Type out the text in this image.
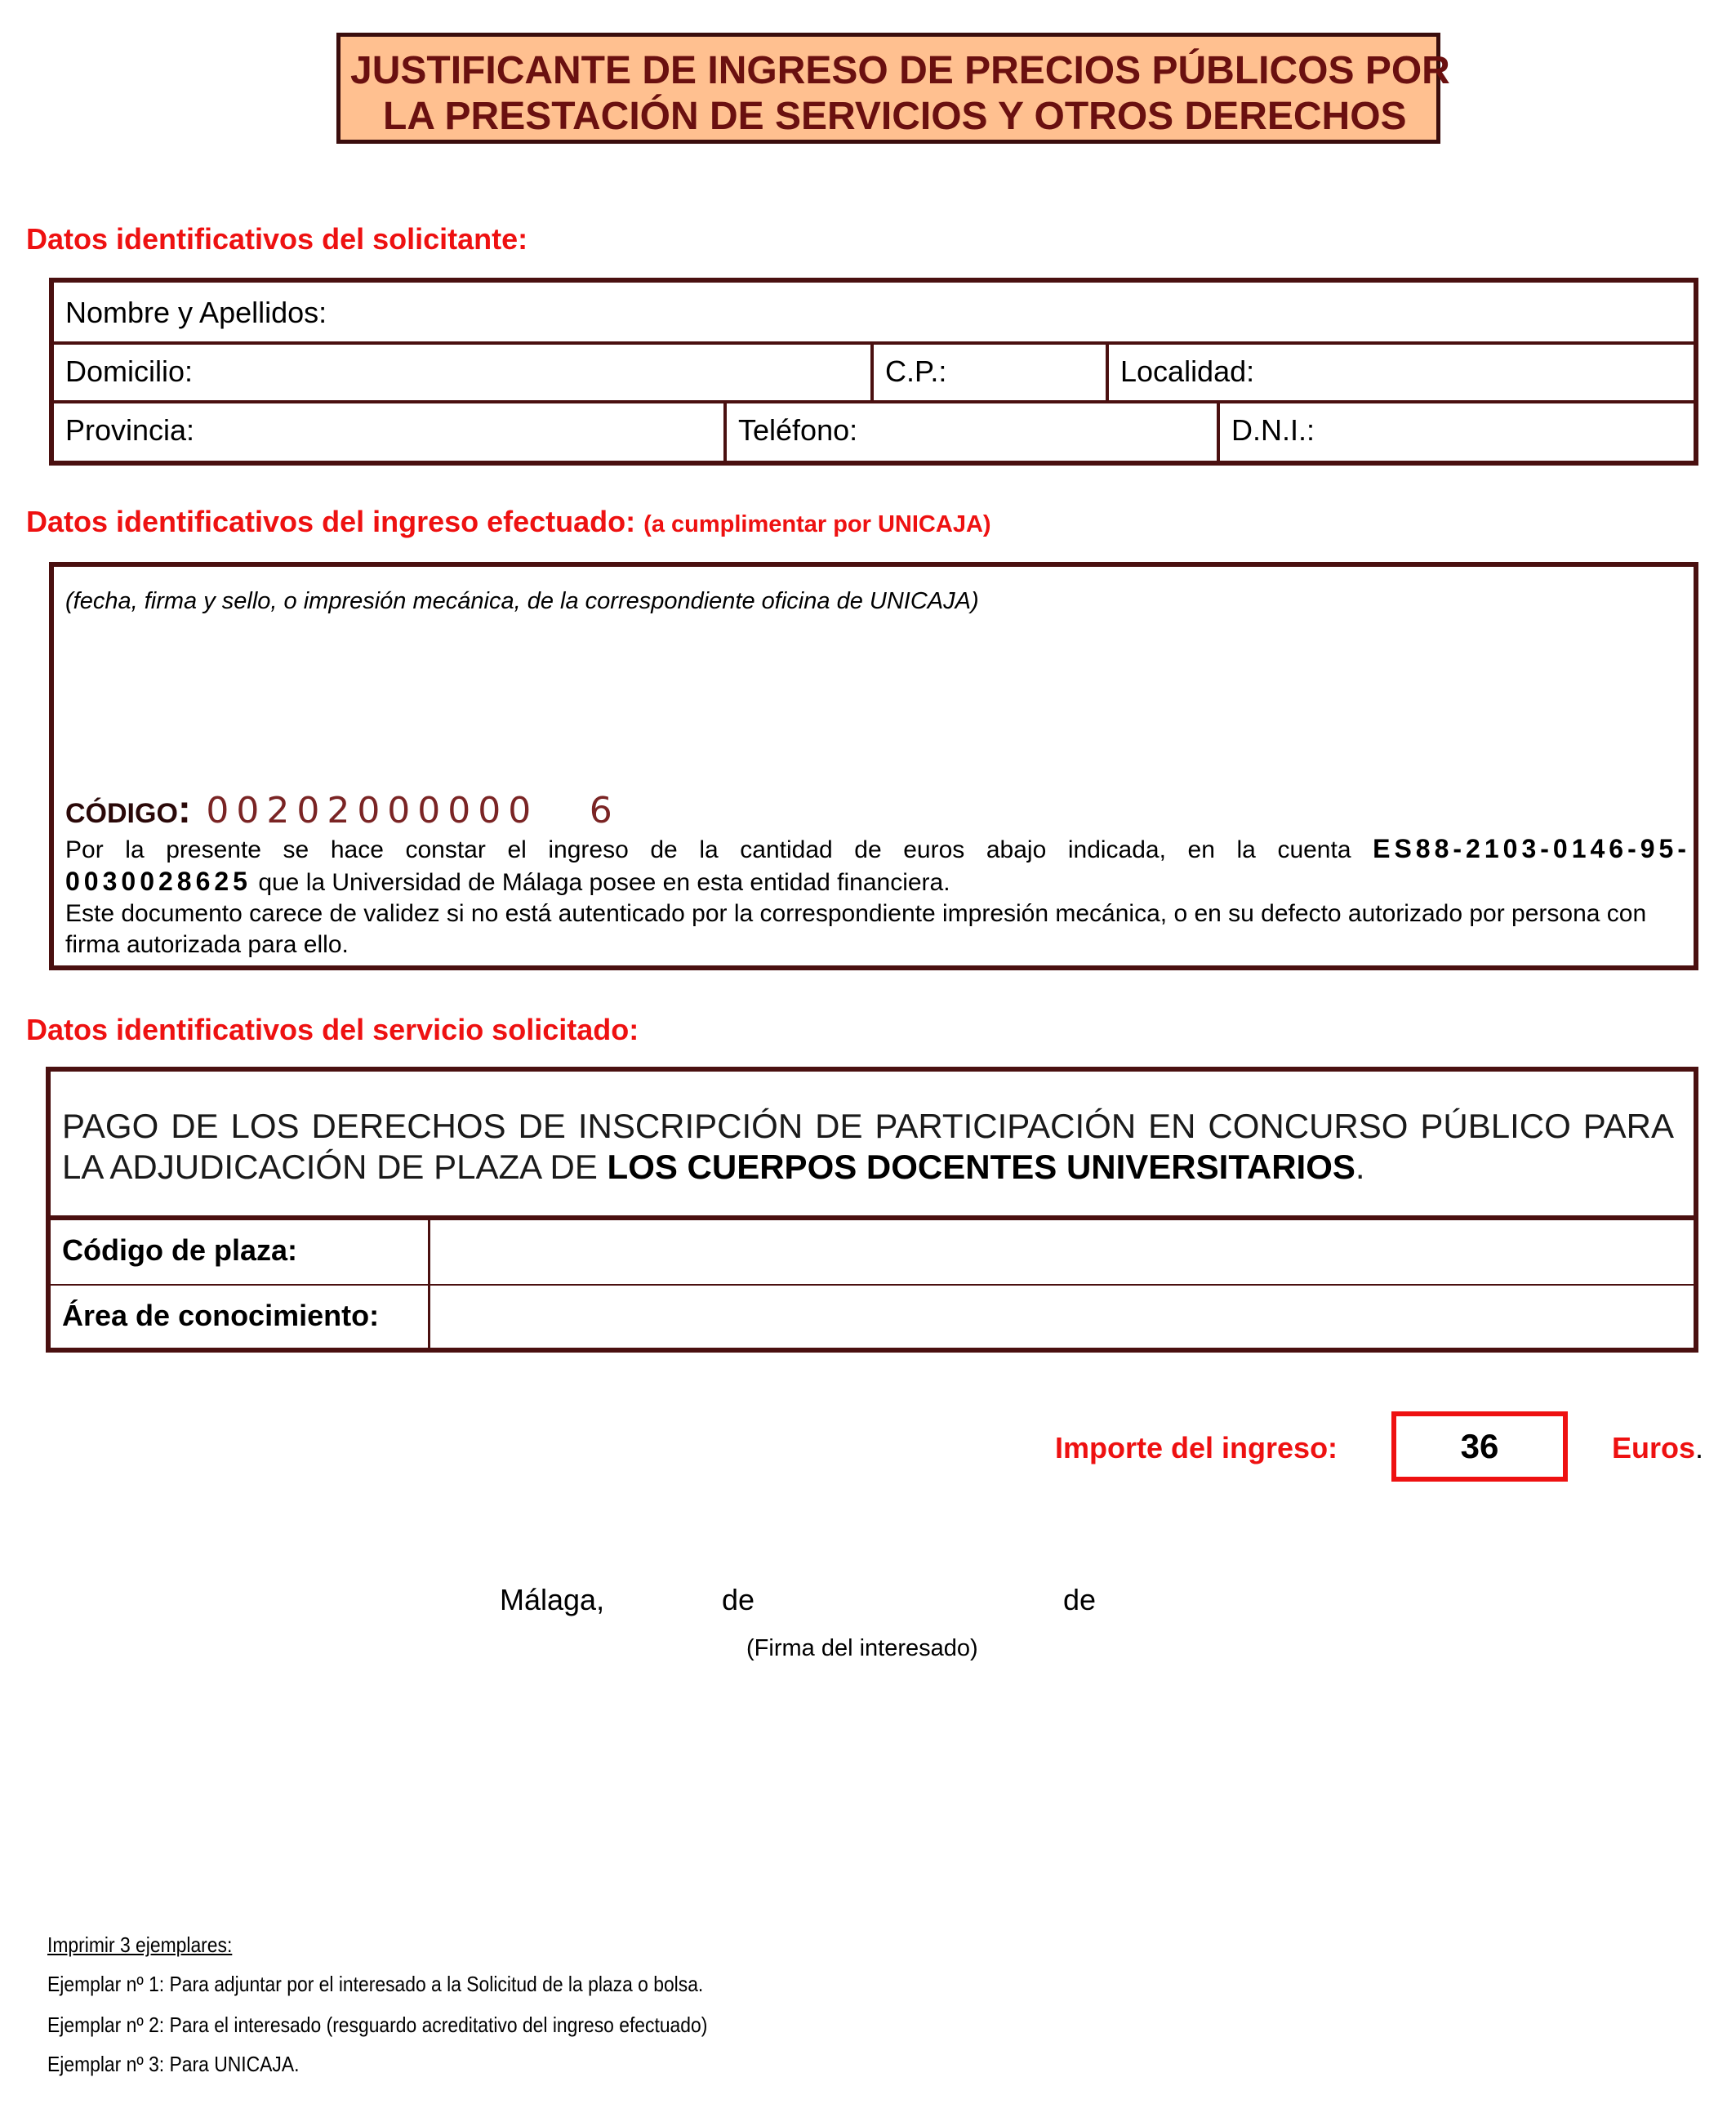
JUSTIFICANTE DE INGRESO DE PRECIOS PÚBLICOS POR
LA PRESTACIÓN DE SERVICIOS Y OTROS DERECHOS
Datos identificativos del solicitante:
Nombre y Apellidos:
Domicilio:	C.P.:	Localidad:
Provincia:	Teléfono:	D.N.I.:
Datos identificativos del ingreso efectuado: (a cumplimentar por UNICAJA)
(fecha, firma y sello, o impresión mecánica, de la correspondiente oficina de UNICAJA)
CÓDIGO: 00202000000 6
Por la presente se hace constar el ingreso de la cantidad de euros abajo indicada, en la cuenta ES88-2103-0146-95-
0030028625 que la Universidad de Málaga posee en esta entidad financiera.
Este documento carece de validez si no está autenticado por la correspondiente impresión mecánica, o en su defecto autorizado por persona con firma autorizada para ello.
Datos identificativos del servicio solicitado:
PAGO DE LOS DERECHOS DE INSCRIPCIÓN DE PARTICIPACIÓN EN CONCURSO PÚBLICO PARA LA ADJUDICACIÓN DE PLAZA DE LOS CUERPOS DOCENTES UNIVERSITARIOS.
Código de plaza:
Área de conocimiento:
Importe del ingreso:	36	Euros.
Málaga,	de	de
(Firma del interesado)
Imprimir 3 ejemplares:
Ejemplar nº 1: Para adjuntar por el interesado a la Solicitud de la plaza o bolsa.
Ejemplar nº 2: Para el interesado (resguardo acreditativo del ingreso efectuado)
Ejemplar nº 3: Para UNICAJA.
